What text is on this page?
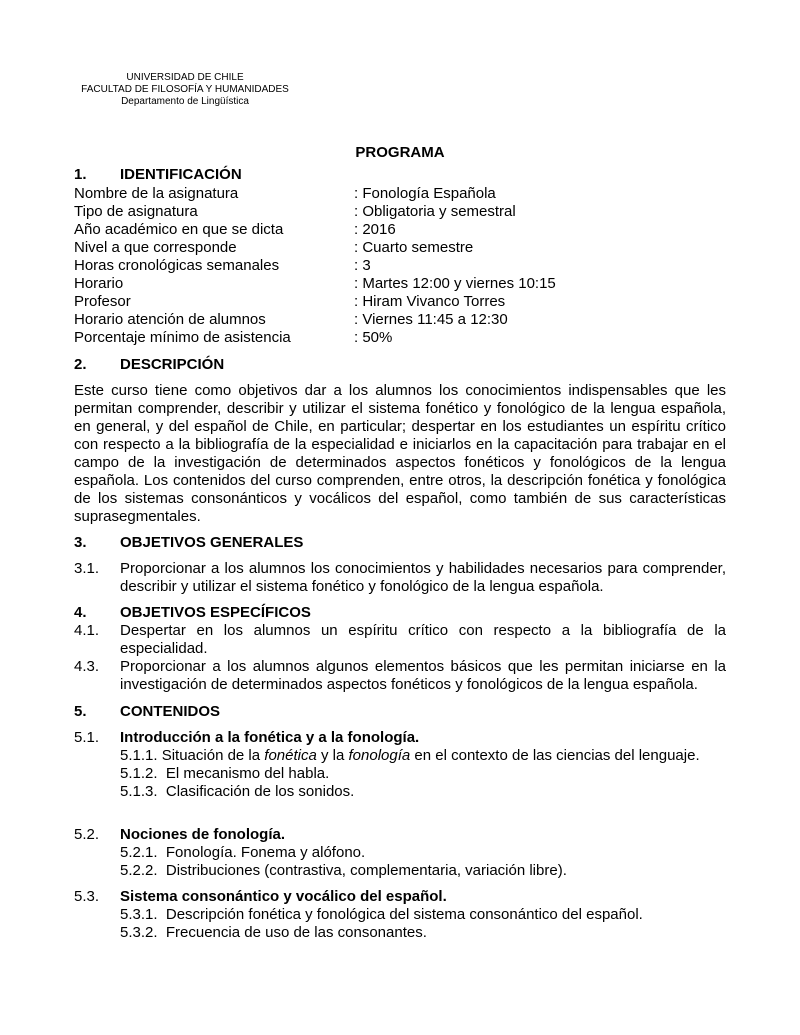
UNIVERSIDAD DE CHILE
FACULTAD DE FILOSOFÍA Y HUMANIDADES
Departamento de Lingüística
PROGRAMA
1. IDENTIFICACIÓN
Nombre de la asignatura	: Fonología Española
Tipo de asignatura	: Obligatoria y semestral
Año académico en que se dicta	: 2016
Nivel a que corresponde	: Cuarto semestre
Horas cronológicas semanales	: 3
Horario	: Martes 12:00 y viernes 10:15
Profesor	: Hiram Vivanco Torres
Horario atención de alumnos	: Viernes 11:45 a 12:30
Porcentaje mínimo de asistencia	: 50%
2. DESCRIPCIÓN
Este curso tiene como objetivos dar a los alumnos los conocimientos indispensables que les permitan comprender, describir y utilizar el sistema fonético y fonológico de la lengua española, en general, y del español de Chile, en particular; despertar en los estudiantes un espíritu crítico con respecto a la bibliografía de la especialidad e iniciarlos en la capacitación para trabajar en el campo de la investigación de determinados aspectos fonéticos y fonológicos de la lengua española. Los contenidos del curso comprenden, entre otros, la descripción fonética y fonológica de los sistemas consonánticos y vocálicos del español, como también de sus características suprasegmentales.
3. OBJETIVOS GENERALES
3.1.	Proporcionar a los alumnos los conocimientos y habilidades necesarios para comprender, describir y utilizar el sistema fonético y fonológico de la lengua española.
4. OBJETIVOS ESPECÍFICOS
4.1.	Despertar en los alumnos un espíritu crítico con respecto a la bibliografía de la especialidad.
4.3.	Proporcionar a los alumnos algunos elementos básicos que les permitan iniciarse en la investigación de determinados aspectos fonéticos y fonológicos de la lengua española.
5. CONTENIDOS
5.1.	Introducción a la fonética y a la fonología.
5.1.1. Situación de la fonética y la fonología en el contexto de las ciencias del lenguaje.
5.1.2. El mecanismo del habla.
5.1.3. Clasificación de los sonidos.
5.2.	Nociones de fonología.
5.2.1. Fonología. Fonema y alófono.
5.2.2. Distribuciones (contrastiva, complementaria, variación libre).
5.3.	Sistema consonántico y vocálico del español.
5.3.1. Descripción fonética y fonológica del sistema consonántico del español.
5.3.2. Frecuencia de uso de las consonantes.
